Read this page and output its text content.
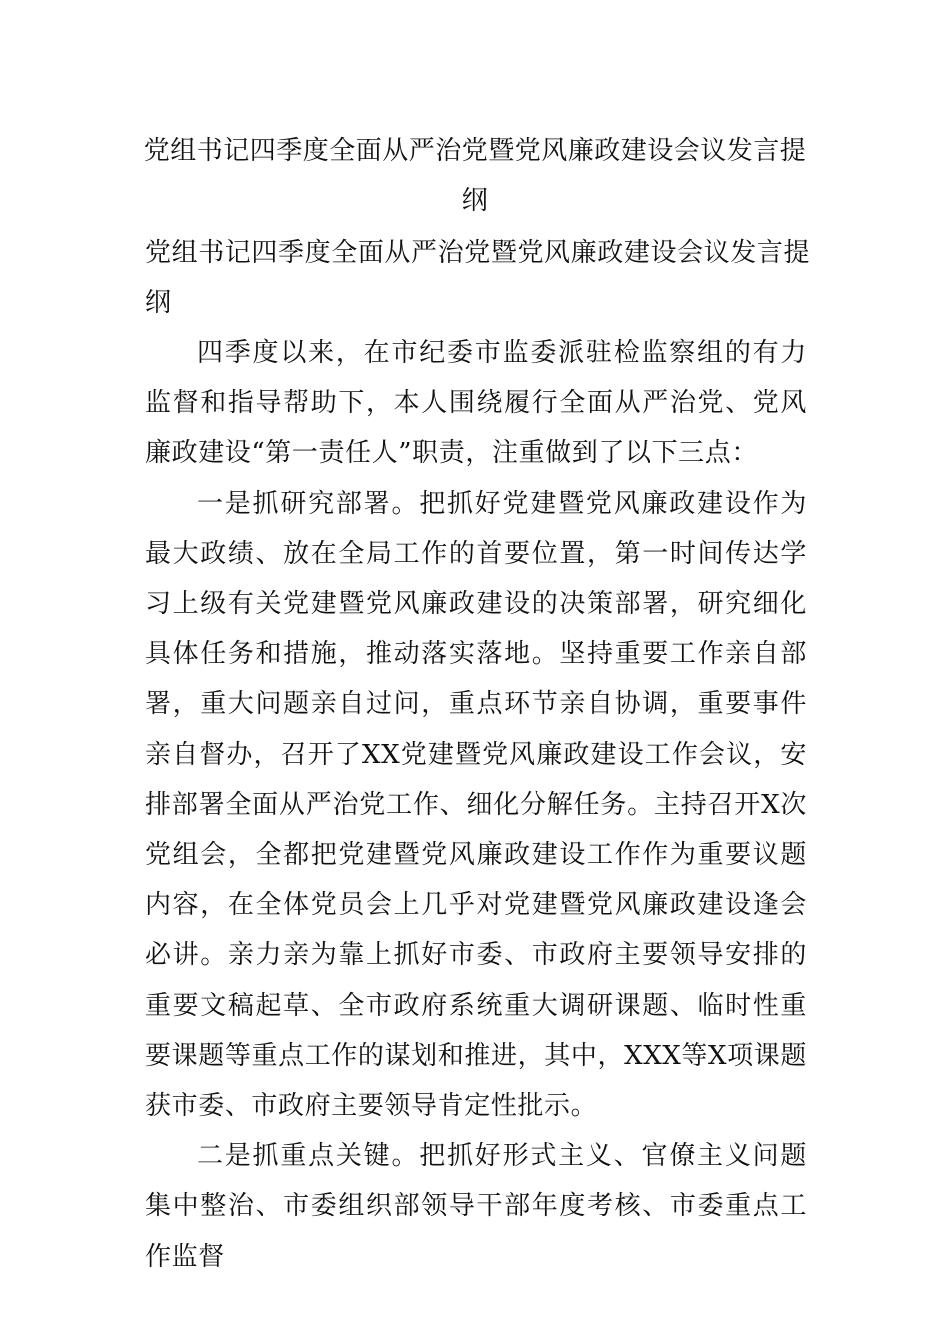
党组书记四季度全面从严治党暨党风廉政建设会议发言提纲
党组书记四季度全面从严治党暨党风廉政建设会议发言提纲

四季度以来，在市纪委市监委派驻检监察组的有力监督和指导帮助下，本人围绕履行全面从严治党、党风廉政建设“第一责任人”职责，注重做到了以下三点：

一是抓研究部署。把抓好党建暨党风廉政建设作为最大政绩、放在全局工作的首要位置，第一时间传达学习上级有关党建暨党风廉政建设的决策部署，研究细化具体任务和措施，推动落实落地。坚持重要工作亲自部署，重大问题亲自过问，重点环节亲自协调，重要事件亲自督办，召开了XX党建暨党风廉政建设工作会议，安排部署全面从严治党工作、细化分解任务。主持召开X次党组会，全都把党建暨党风廉政建设工作作为重要议题内容，在全体党员会上几乎对党建暨党风廉政建设逢会必讲。亲力亲为靠上抓好市委、市政府主要领导安排的重要文稿起草、全市政府系统重大调研课题、临时性重要课题等重点工作的谋划和推进，其中，XXX等X项课题获市委、市政府主要领导肯定性批示。

二是抓重点关键。把抓好形式主义、官僚主义问题集中整治、市委组织部领导干部年度考核、市委重点工作监督
